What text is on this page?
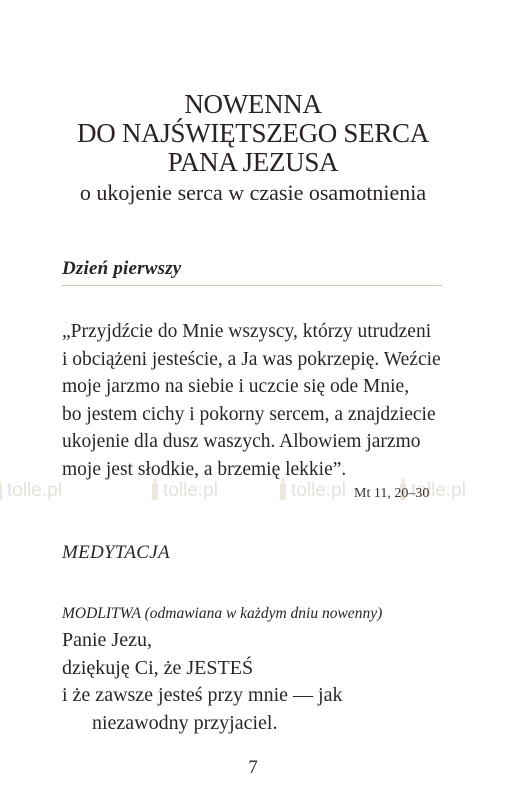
NOWENNA
DO NAJŚWIĘTSZEGO SERCA
PANA JEZUSA
o ukojenie serca w czasie osamotnienia
Dzień pierwszy
tolle.pl	tolle.pl	tolle.pl	tolle.pl
„Przyjdźcie do Mnie wszyscy, którzy utrudzeni
i obciążeni jesteście, a Ja was pokrzepię. Weźcie
moje jarzmo na siebie i uczcie się ode Mnie,
bo jestem cichy i pokorny sercem, a znajdziecie
ukojenie dla dusz waszych. Albowiem jarzmo
moje jest słodkie, a brzemię lekkie”.
Mt 11, 20–30
MEDYTACJA
MODLITWA (odmawiana w każdym dniu nowenny)
Panie Jezu,
dziękuję Ci, że JESTEŚ
i że zawsze jesteś przy mnie — jak
niezawodny przyjaciel.
7
